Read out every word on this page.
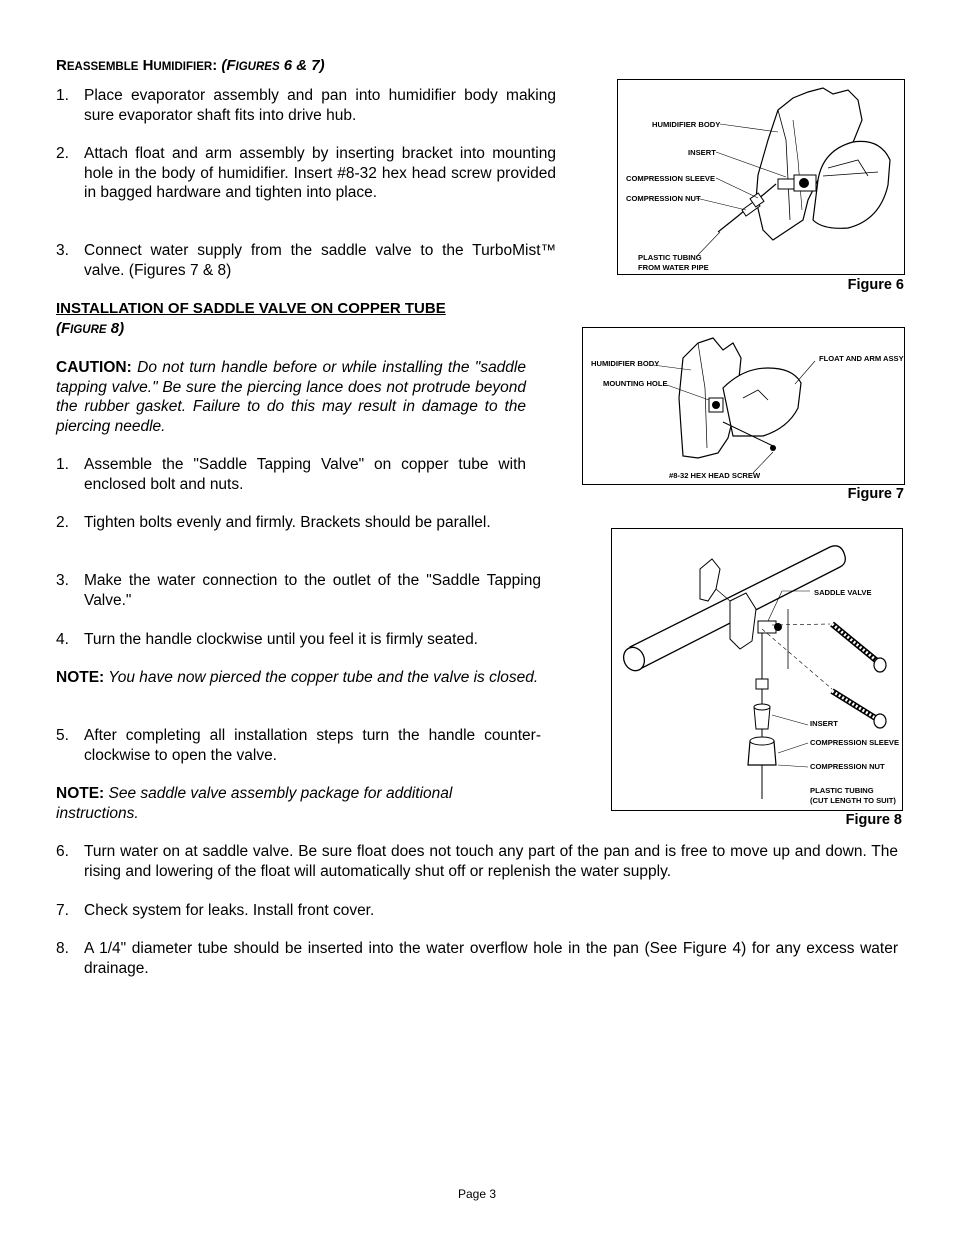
REASSEMBLE HUMIDIFIER: (FIGURES 6 & 7)
1. Place evaporator assembly and pan into humidifier body making sure evaporator shaft fits into drive hub.
2. Attach float and arm assembly by inserting bracket into mounting hole in the body of humidifier. Insert #8-32 hex head screw provided in bagged hardware and tighten into place.
3. Connect water supply from the saddle valve to the TurboMist™ valve. (Figures 7 & 8)
INSTALLATION OF SADDLE VALVE ON COPPER TUBE
(FIGURE 8)
CAUTION: Do not turn handle before or while installing the "saddle tapping valve." Be sure the piercing lance does not protrude beyond the rubber gasket. Failure to do this may result in damage to the piercing needle.
1. Assemble the "Saddle Tapping Valve" on copper tube with enclosed bolt and nuts.
2. Tighten bolts evenly and firmly. Brackets should be parallel.
3. Make the water connection to the outlet of the "Saddle Tapping Valve."
4. Turn the handle clockwise until you feel it is firmly seated.
NOTE: You have now pierced the copper tube and the valve is closed.
5. After completing all installation steps turn the handle counter-clockwise to open the valve.
NOTE: See saddle valve assembly package for additional instructions.
6. Turn water on at saddle valve. Be sure float does not touch any part of the pan and is free to move up and down. The rising and lowering of the float will automatically shut off or replenish the water supply.
7. Check system for leaks. Install front cover.
8. A 1/4" diameter tube should be inserted into the water overflow hole in the pan (See Figure 4) for any excess water drainage.
HUMIDIFIER BODY
INSERT
COMPRESSION SLEEVE
COMPRESSION NUT
PLASTIC TUBING
FROM WATER PIPE
Figure 6
HUMIDIFIER BODY
MOUNTING HOLE
FLOAT AND ARM ASSY
#8-32 HEX HEAD SCREW
Figure 7
SADDLE VALVE
INSERT
COMPRESSION SLEEVE
COMPRESSION NUT
PLASTIC TUBING
(CUT LENGTH TO SUIT)
Figure 8
Page 3
